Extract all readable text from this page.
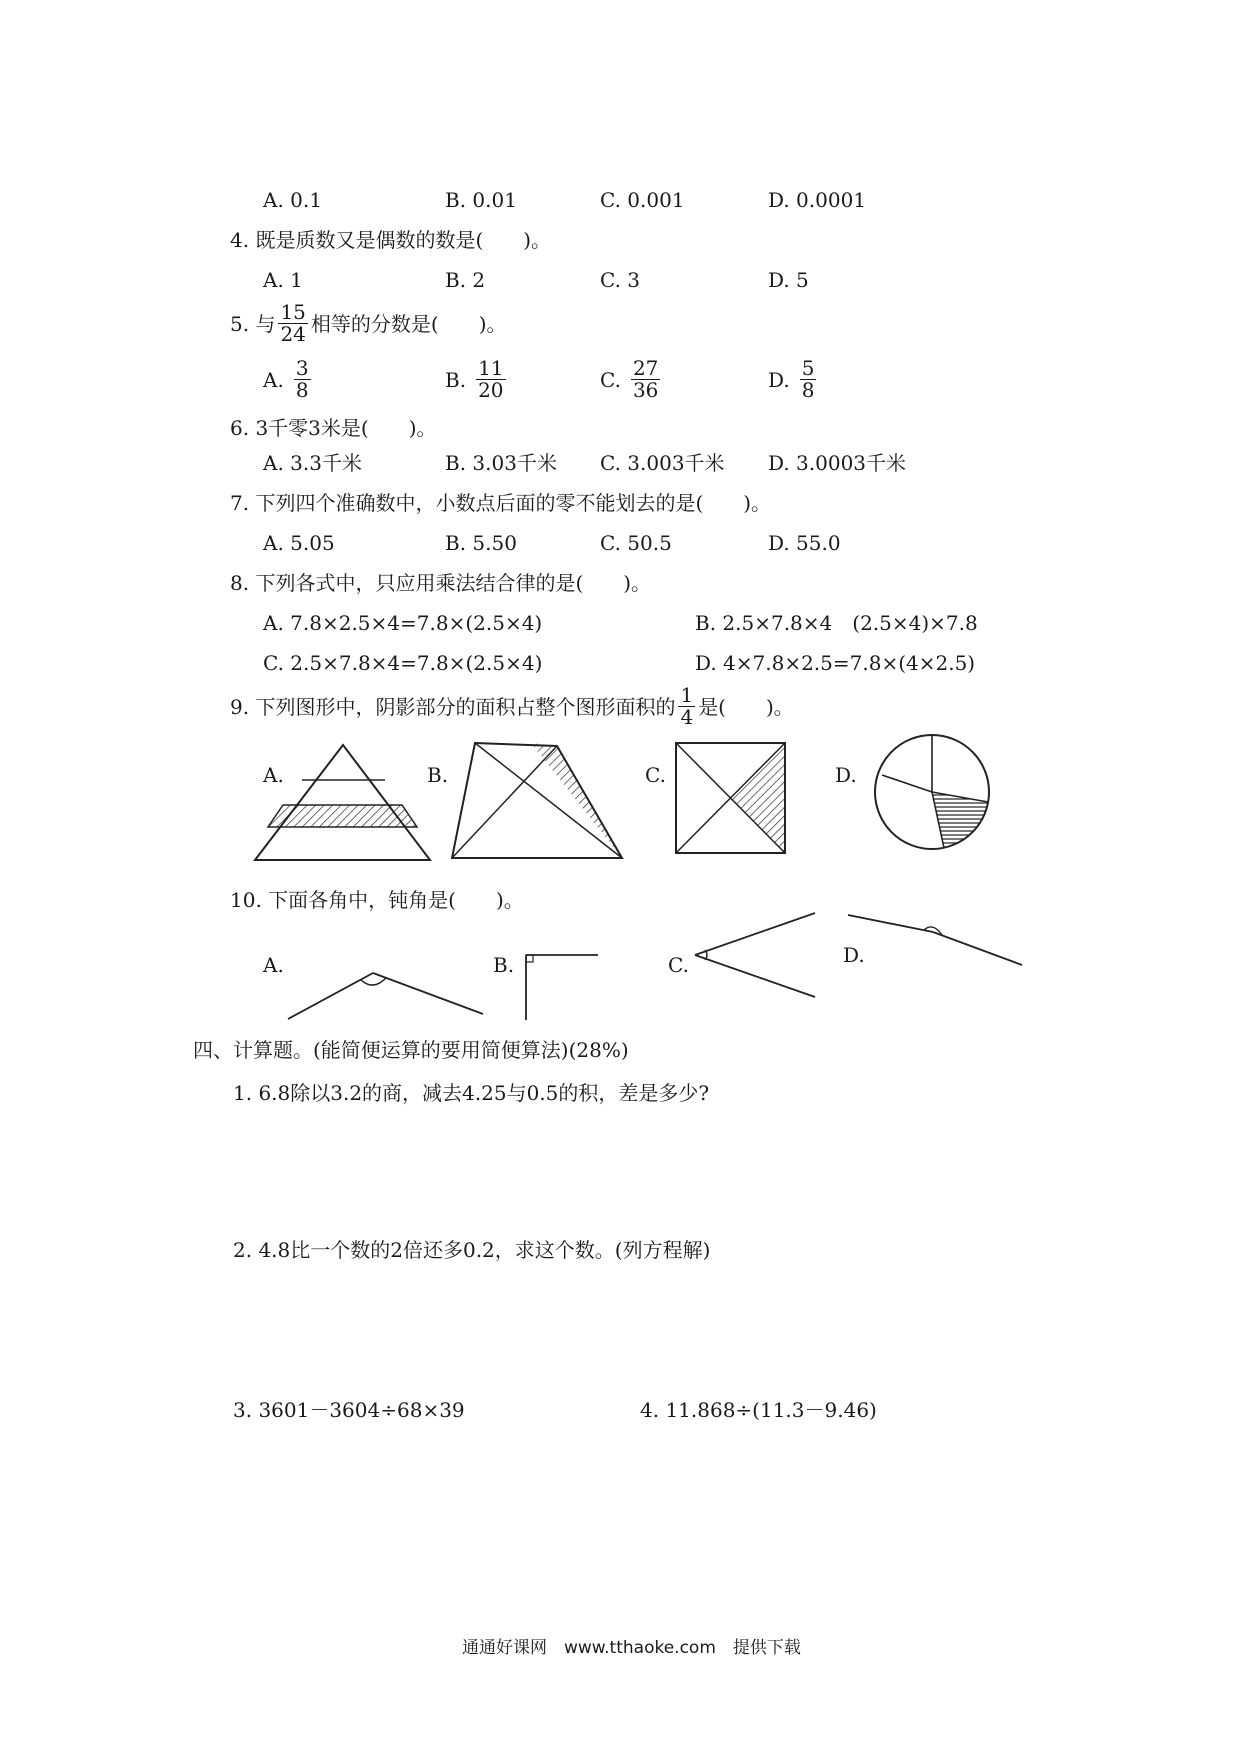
A. 0.1	B. 0.01	C. 0.001	D. 0.0001
4. 既是质数又是偶数的数是(　　)。
A. 1	B. 2	C. 3	D. 5
5. 与 $\frac{15}{24}$ 相等的分数是(　　)。
A. $\frac{3}{8}$	B. $\frac{11}{20}$	C. $\frac{27}{36}$	D. $\frac{5}{8}$
6. 3千零3米是(　　)。
A. 3.3千米	B. 3.03千米 C. 3.003千米 D. 3.0003千米
7. 下列四个准确数中，小数点后面的零不能划去的是(　　)。
A. 5.05	B. 5.50	C. 50.5	D. 55.0
8. 下列各式中，只应用乘法结合律的是(　　)。
A. 7.8×2.5×4=7.8×(2.5×4)	B. 2.5×7.8×4　(2.5×4)×7.8
C. 2.5×7.8×4=7.8×(2.5×4)	D. 4×7.8×2.5=7.8×(4×2.5)
9. 下列图形中，阴影部分的面积占整个图形面积的 $\frac{1}{4}$ 是(　　)。
A.	B.	C.	D.
10. 下面各角中，钝角是(　　)。
A.	B.	C.	D.
四、计算题。(能简便运算的要用简便算法)(28%)
1. 6.8除以3.2的商，减去4.25与0.5的积，差是多少?
2. 4.8比一个数的2倍还多0.2，求这个数。(列方程解)
3. 3601－3604÷68×39	4. 11.868÷(11.3－9.46)
通通好课网　www.tthaoke.com　提供下载
